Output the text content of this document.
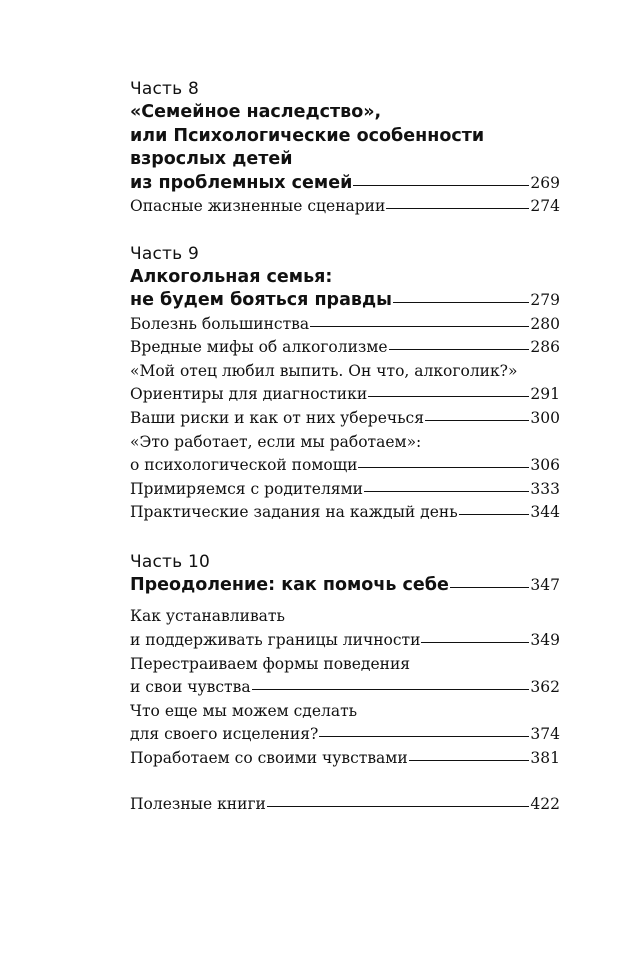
Часть 8

«Семейное наследство»,
или Психологические особенности
взрослых детей
из проблемных семей	269
Опасные жизненные сценарии	274

Часть 9

Алкогольная семья:
не будем бояться правды	279
Болезнь большинства	280
Вредные мифы об алкоголизме	286
«Мой отец любил выпить. Он что, алкоголик?»
Ориентиры для диагностики	291
Ваши риски и как от них уберечься	300
«Это работает, если мы работаем»:
о психологической помощи	306
Примиряемся с родителями	333
Практические задания на каждый день	344

Часть 10

Преодоление: как помочь себе	347
Как устанавливать
и поддерживать границы личности	349
Перестраиваем формы поведения
и свои чувства	362
Что еще мы можем сделать
для своего исцеления?	374
Поработаем со своими чувствами	381
Полезные книги	422
